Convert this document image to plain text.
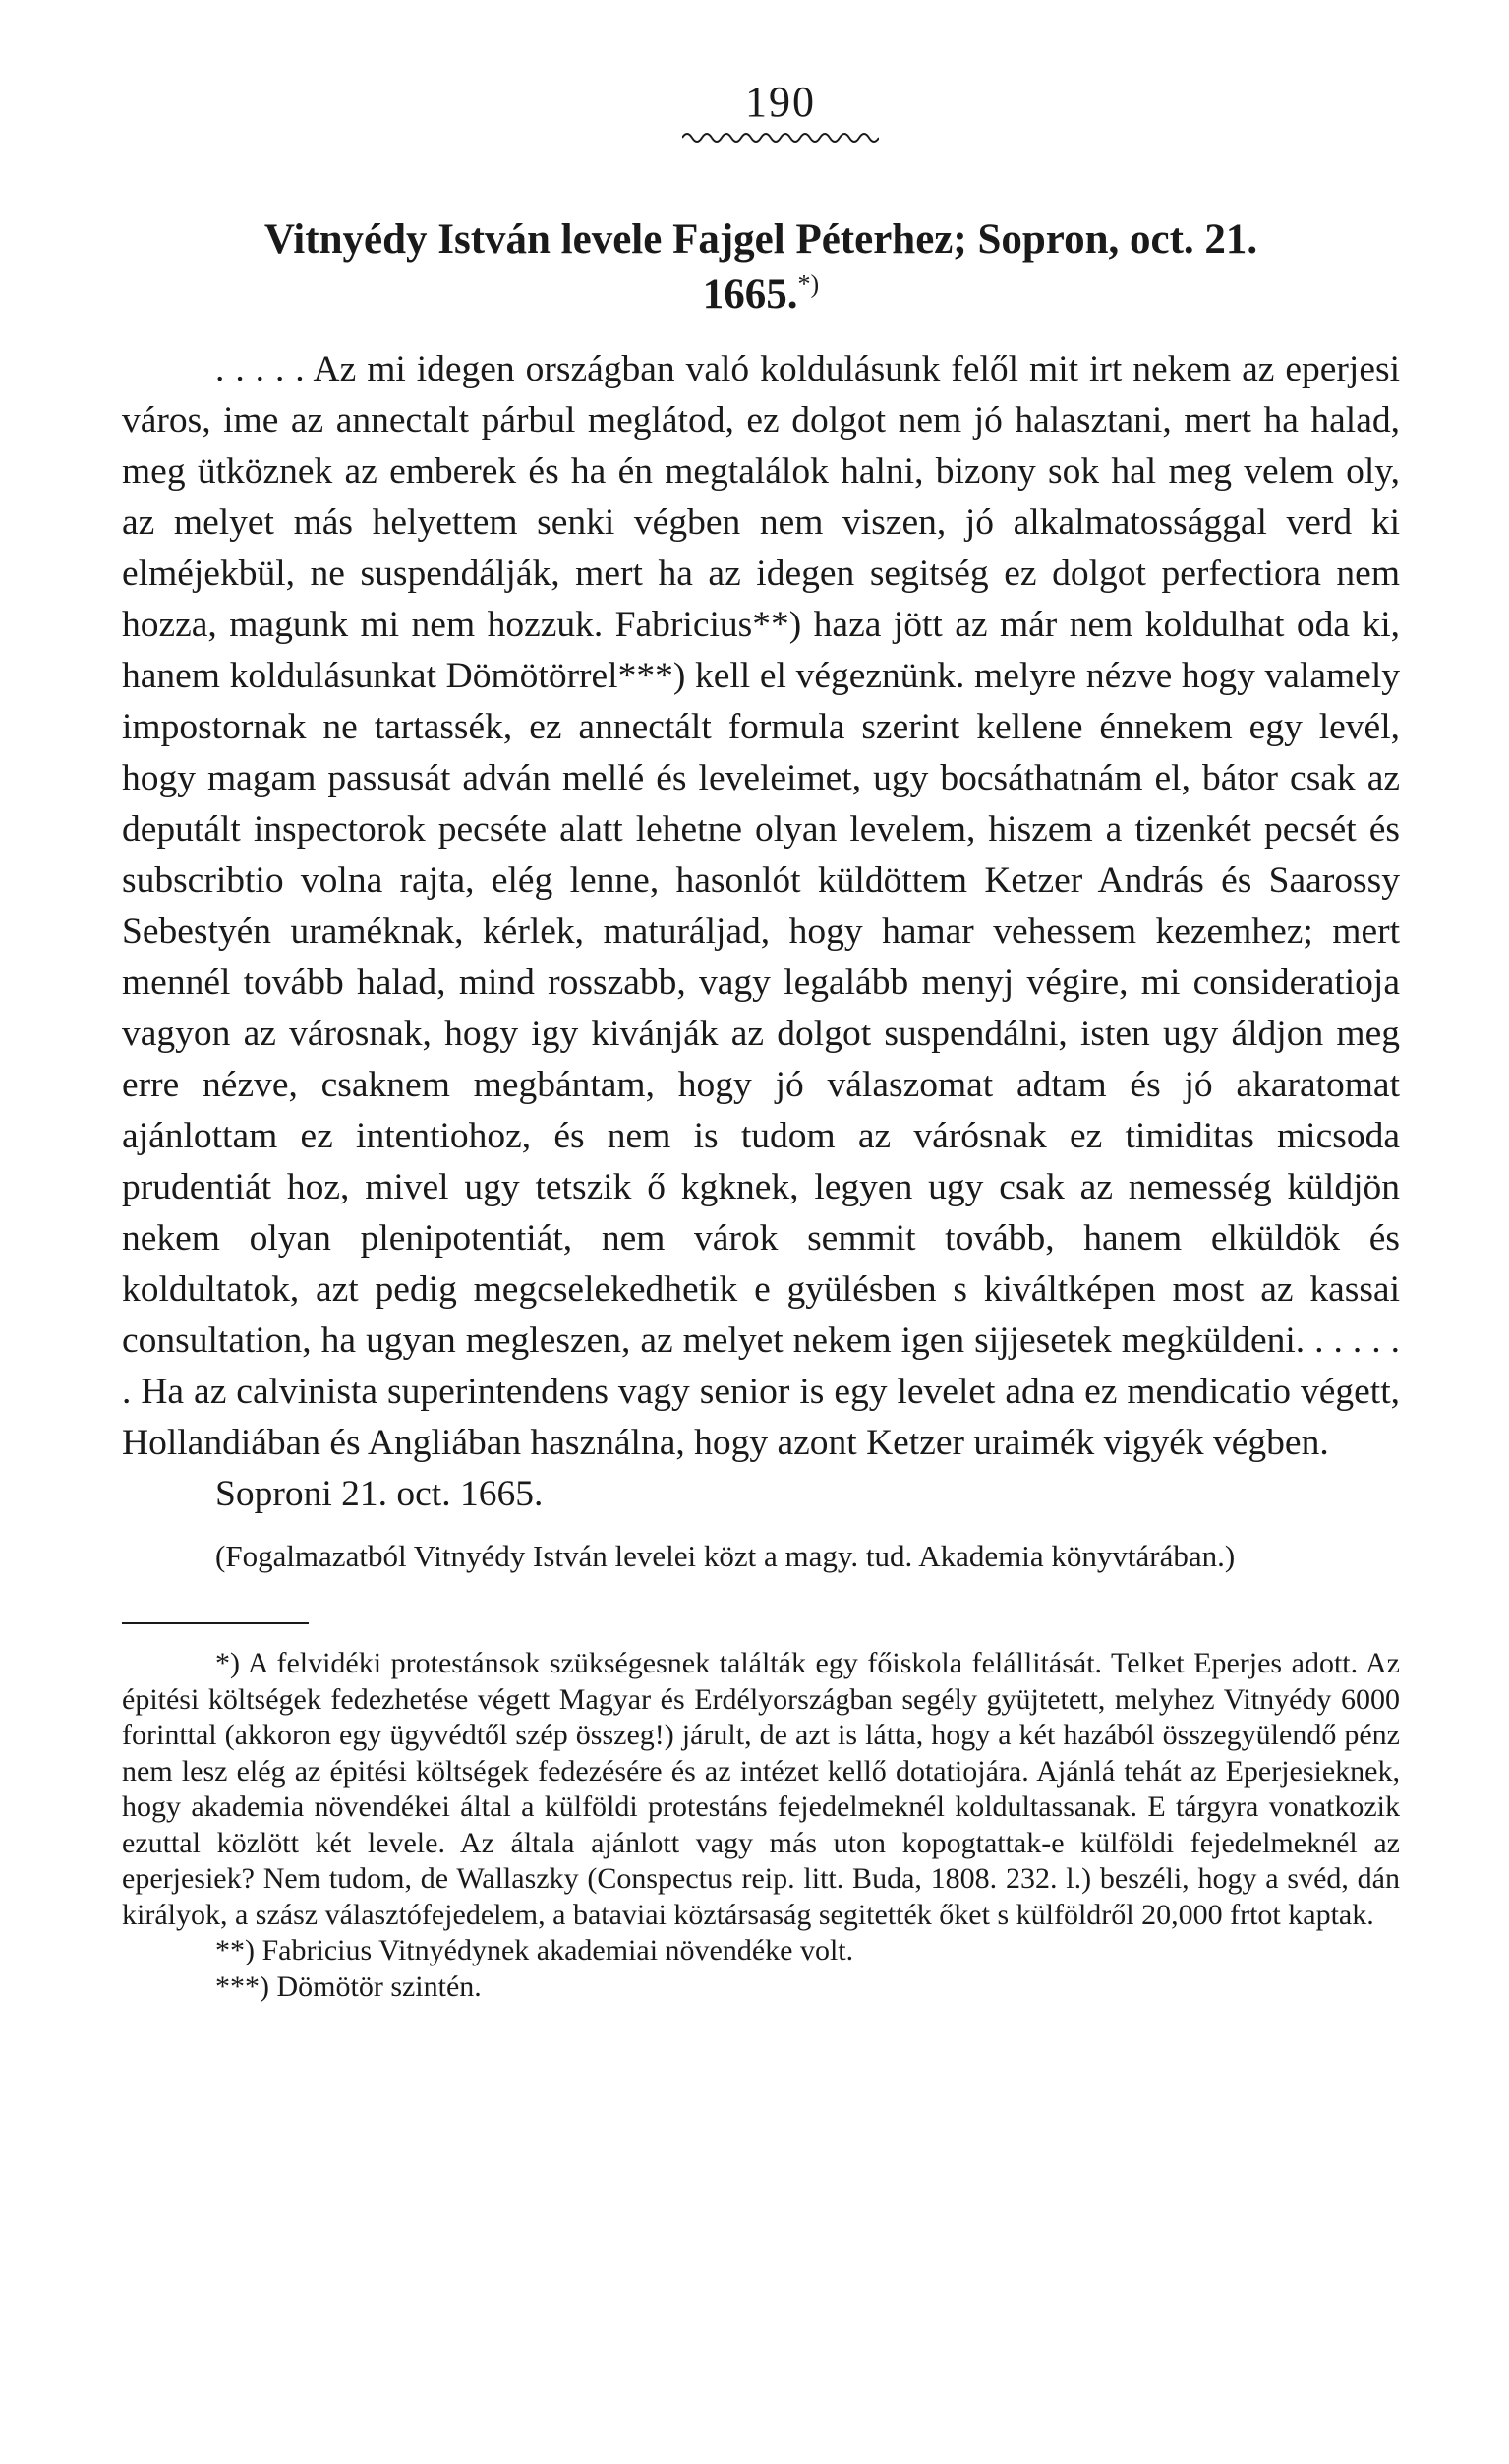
190
Vitnyédy István levele Fajgel Péterhez; Sopron, oct. 21.
1665.*)

. . . . . Az mi idegen országban való koldulásunk felől mit irt nekem az eperjesi város, ime az annectalt párbul meglátod, ez dolgot nem jó halasztani, mert ha halad, meg ütköznek az emberek és ha én megtalálok halni, bizony sok hal meg velem oly, az melyet más helyettem senki végben nem viszen, jó alkalmatossággal verd ki elméjekbül, ne suspendálják, mert ha az idegen segitség ez dolgot perfectiora nem hozza, magunk mi nem hozzuk. Fabricius**) haza jött az már nem koldulhat oda ki, hanem koldulásunkat Dömötörrel***) kell el végeznünk. melyre nézve hogy valamely impostornak ne tartassék, ez annectált formula szerint kellene énnekem egy levél, hogy magam passusát adván mellé és leveleimet, ugy bocsáthatnám el, bátor csak az deputált inspectorok pecséte alatt lehetne olyan levelem, hiszem a tizenkét pecsét és subscribtio volna rajta, elég lenne, hasonlót küldöttem Ketzer András és Saarossy Sebestyén uraméknak, kérlek, maturáljad, hogy hamar vehessem kezemhez; mert mennél tovább halad, mind rosszabb, vagy legalább menyj végire, mi consideratioja vagyon az városnak, hogy igy kivánják az dolgot suspendálni, isten ugy áldjon meg erre nézve, csaknem megbántam, hogy jó válaszomat adtam és jó akaratomat ajánlottam ez intentiohoz, és nem is tudom az várósnak ez timiditas micsoda prudentiát hoz, mivel ugy tetszik ő kgknek, legyen ugy csak az nemesség küldjön nekem olyan plenipotentiát, nem várok semmit tovább, hanem elküldök és koldultatok, azt pedig megcselekedhetik e gyülésben s kiváltképen most az kassai consultation, ha ugyan megleszen, az melyet nekem igen sijjesetek megküldeni. . . . . . . Ha az calvinista superintendens vagy senior is egy levelet adna ez mendicatio végett, Hollandiában és Angliában használna, hogy azont Ketzer uraimék vigyék végben.

Soproni 21. oct. 1665.

(Fogalmazatból Vitnyédy István levelei közt a magy. tud. Akademia könyvtárában.)

*) A felvidéki protestánsok szükségesnek találták egy főiskola felállitását. Telket Eperjes adott. Az épitési költségek fedezhetése végett Magyar és Erdélyországban segély gyüjtetett, melyhez Vitnyédy 6000 forinttal (akkoron egy ügyvédtől szép összeg!) járult, de azt is látta, hogy a két hazából összegyülendő pénz nem lesz elég az épitési költségek fedezésére és az intézet kellő dotatiojára. Ajánlá tehát az Eperjesieknek, hogy akademia növendékei által a külföldi protestáns fejedelmeknél koldultassanak. E tárgyra vonatkozik ezuttal közlött két levele. Az általa ajánlott vagy más uton kopogtattak-e külföldi fejedelmeknél az eperjesiek? Nem tudom, de Wallaszky (Conspectus reip. litt. Buda, 1808. 232. l.) beszéli, hogy a svéd, dán királyok, a szász választófejedelem, a bataviai köztársaság segitették őket s külföldről 20,000 frtot kaptak.

**) Fabricius Vitnyédynek akademiai növendéke volt.

***) Dömötör szintén.
